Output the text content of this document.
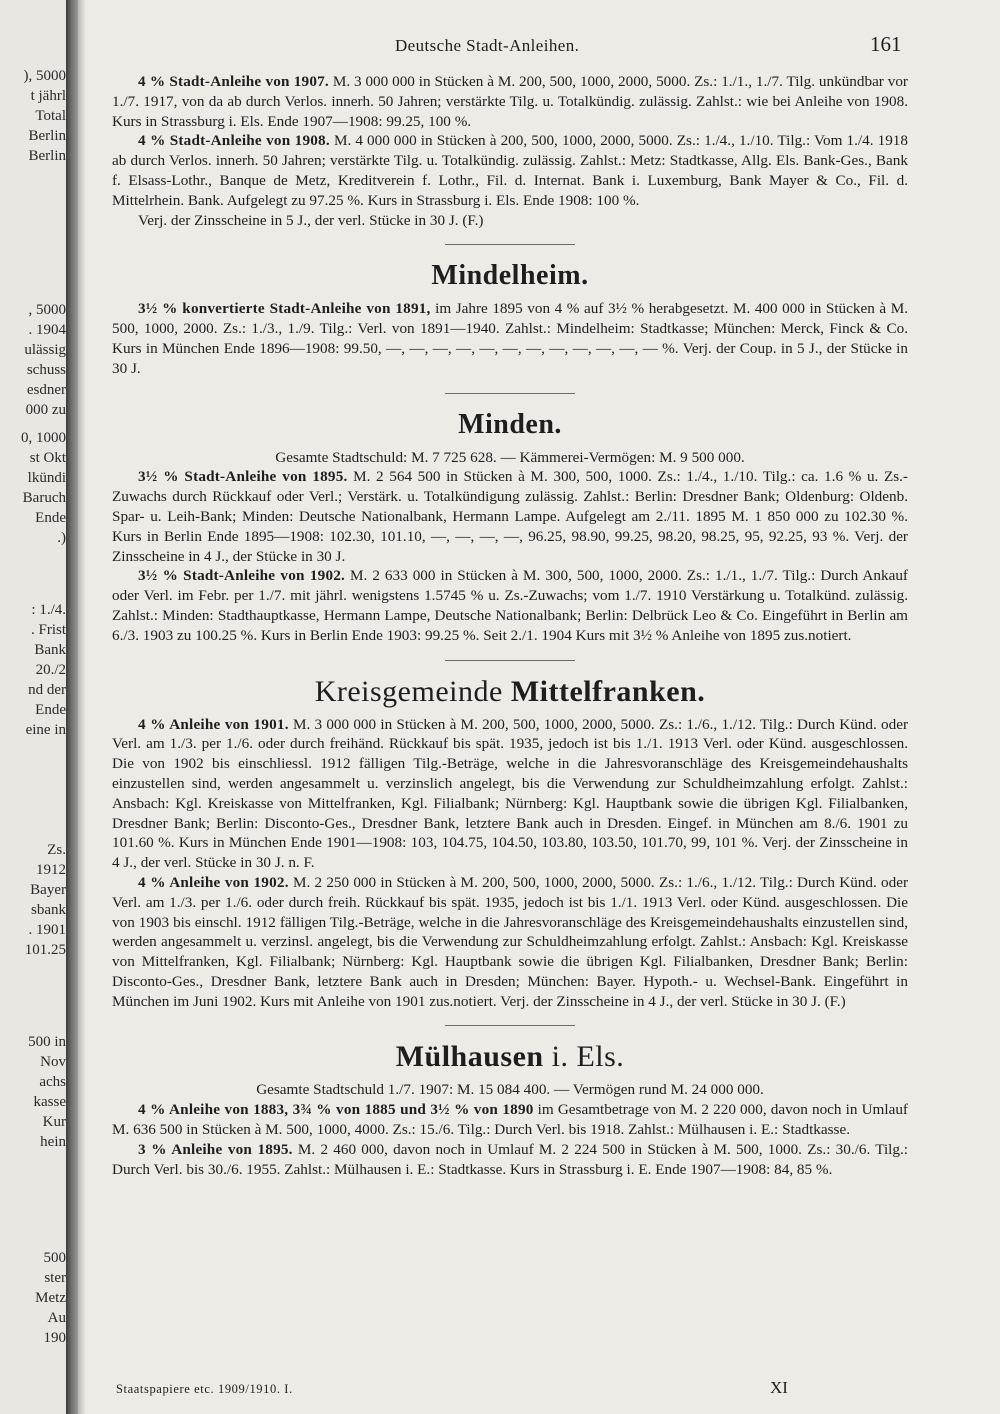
), 5000
t jährl
Total
Berlin
Berlin
, 5000
. 1904
ulässig
schuss
esdner
000 zu
0, 1000
st Okt
lkündi
Baruch
Ende
.)
: 1./4.
. Frist
Bank
20./2
nd der
Ende
eine in
Zs.
1912
Bayer
sbank
. 1901
101.25
500 in
Nov
achs
kasse
Kur
hein
500
ster
Metz
Au
190
Deutsche Stadt-Anleihen.	161

4 % Stadt-Anleihe von 1907. M. 3 000 000 in Stücken à M. 200, 500, 1000, 2000, 5000. Zs.: 1./1., 1./7. Tilg. unkündbar vor 1./7. 1917, von da ab durch Verlos. innerh. 50 Jahren; verstärkte Tilg. u. Totalkündig. zulässig. Zahlst.: wie bei Anleihe von 1908. Kurs in Strassburg i. Els. Ende 1907—1908: 99.25, 100 %.

4 % Stadt-Anleihe von 1908. M. 4 000 000 in Stücken à 200, 500, 1000, 2000, 5000. Zs.: 1./4., 1./10. Tilg.: Vom 1./4. 1918 ab durch Verlos. innerh. 50 Jahren; verstärkte Tilg. u. Totalkündig. zulässig. Zahlst.: Metz: Stadtkasse, Allg. Els. Bank-Ges., Bank f. Elsass-Lothr., Banque de Metz, Kreditverein f. Lothr., Fil. d. Internat. Bank i. Luxemburg, Bank Mayer & Co., Fil. d. Mittelrhein. Bank. Aufgelegt zu 97.25 %. Kurs in Strassburg i. Els. Ende 1908: 100 %.

Verj. der Zinsscheine in 5 J., der verl. Stücke in 30 J. (F.)

Mindelheim.

3½ % konvertierte Stadt-Anleihe von 1891, im Jahre 1895 von 4 % auf 3½ % herabgesetzt. M. 400 000 in Stücken à M. 500, 1000, 2000. Zs.: 1./3., 1./9. Tilg.: Verl. von 1891—1940. Zahlst.: Mindelheim: Stadtkasse; München: Merck, Finck & Co. Kurs in München Ende 1896—1908: 99.50, —, —, —, —, —, —, —, —, —, —, —, — %. Verj. der Coup. in 5 J., der Stücke in 30 J.

Minden.

Gesamte Stadtschuld: M. 7 725 628. — Kämmerei-Vermögen: M. 9 500 000.

3½ % Stadt-Anleihe von 1895. M. 2 564 500 in Stücken à M. 300, 500, 1000. Zs.: 1./4., 1./10. Tilg.: ca. 1.6 % u. Zs.-Zuwachs durch Rückkauf oder Verl.; Verstärk. u. Totalkündigung zulässig. Zahlst.: Berlin: Dresdner Bank; Oldenburg: Oldenb. Spar- u. Leih-Bank; Minden: Deutsche Nationalbank, Hermann Lampe. Aufgelegt am 2./11. 1895 M. 1 850 000 zu 102.30 %. Kurs in Berlin Ende 1895—1908: 102.30, 101.10, —, —, —, —, 96.25, 98.90, 99.25, 98.20, 98.25, 95, 92.25, 93 %. Verj. der Zinsscheine in 4 J., der Stücke in 30 J.

3½ % Stadt-Anleihe von 1902. M. 2 633 000 in Stücken à M. 300, 500, 1000, 2000. Zs.: 1./1., 1./7. Tilg.: Durch Ankauf oder Verl. im Febr. per 1./7. mit jährl. wenigstens 1.5745 % u. Zs.-Zuwachs; vom 1./7. 1910 Verstärkung u. Totalkünd. zulässig. Zahlst.: Minden: Stadthauptkasse, Hermann Lampe, Deutsche Nationalbank; Berlin: Delbrück Leo & Co. Eingeführt in Berlin am 6./3. 1903 zu 100.25 %. Kurs in Berlin Ende 1903: 99.25 %. Seit 2./1. 1904 Kurs mit 3½ % Anleihe von 1895 zus.notiert.

Kreisgemeinde Mittelfranken.

4 % Anleihe von 1901. M. 3 000 000 in Stücken à M. 200, 500, 1000, 2000, 5000. Zs.: 1./6., 1./12. Tilg.: Durch Künd. oder Verl. am 1./3. per 1./6. oder durch freihänd. Rückkauf bis spät. 1935, jedoch ist bis 1./1. 1913 Verl. oder Künd. ausgeschlossen. Die von 1902 bis einschliessl. 1912 fälligen Tilg.-Beträge, welche in die Jahresvoranschläge des Kreisgemeindehaushalts einzustellen sind, werden angesammelt u. verzinslich angelegt, bis die Verwendung zur Schuldheimzahlung erfolgt. Zahlst.: Ansbach: Kgl. Kreiskasse von Mittelfranken, Kgl. Filialbank; Nürnberg: Kgl. Hauptbank sowie die übrigen Kgl. Filialbanken, Dresdner Bank; Berlin: Disconto-Ges., Dresdner Bank, letztere Bank auch in Dresden. Eingef. in München am 8./6. 1901 zu 101.60 %. Kurs in München Ende 1901—1908: 103, 104.75, 104.50, 103.80, 103.50, 101.70, 99, 101 %. Verj. der Zinsscheine in 4 J., der verl. Stücke in 30 J. n. F.

4 % Anleihe von 1902. M. 2 250 000 in Stücken à M. 200, 500, 1000, 2000, 5000. Zs.: 1./6., 1./12. Tilg.: Durch Künd. oder Verl. am 1./3. per 1./6. oder durch freih. Rückkauf bis spät. 1935, jedoch ist bis 1./1. 1913 Verl. oder Künd. ausgeschlossen. Die von 1903 bis einschl. 1912 fälligen Tilg.-Beträge, welche in die Jahresvoranschläge des Kreisgemeindehaushalts einzustellen sind, werden angesammelt u. verzinsl. angelegt, bis die Verwendung zur Schuldheimzahlung erfolgt. Zahlst.: Ansbach: Kgl. Kreiskasse von Mittelfranken, Kgl. Filialbank; Nürnberg: Kgl. Hauptbank sowie die übrigen Kgl. Filialbanken, Dresdner Bank; Berlin: Disconto-Ges., Dresdner Bank, letztere Bank auch in Dresden; München: Bayer. Hypoth.- u. Wechsel-Bank. Eingeführt in München im Juni 1902. Kurs mit Anleihe von 1901 zus.notiert. Verj. der Zinsscheine in 4 J., der verl. Stücke in 30 J. (F.)

Mülhausen i. Els.

Gesamte Stadtschuld 1./7. 1907: M. 15 084 400. — Vermögen rund M. 24 000 000.

4 % Anleihe von 1883, 3¾ % von 1885 und 3½ % von 1890 im Gesamtbetrage von M. 2 220 000, davon noch in Umlauf M. 636 500 in Stücken à M. 500, 1000, 4000. Zs.: 15./6. Tilg.: Durch Verl. bis 1918. Zahlst.: Mülhausen i. E.: Stadtkasse.

3 % Anleihe von 1895. M. 2 460 000, davon noch in Umlauf M. 2 224 500 in Stücken à M. 500, 1000. Zs.: 30./6. Tilg.: Durch Verl. bis 30./6. 1955. Zahlst.: Mülhausen i. E.: Stadtkasse. Kurs in Strassburg i. E. Ende 1907—1908: 84, 85 %.

Staatspapiere etc. 1909/1910. I.	XI
